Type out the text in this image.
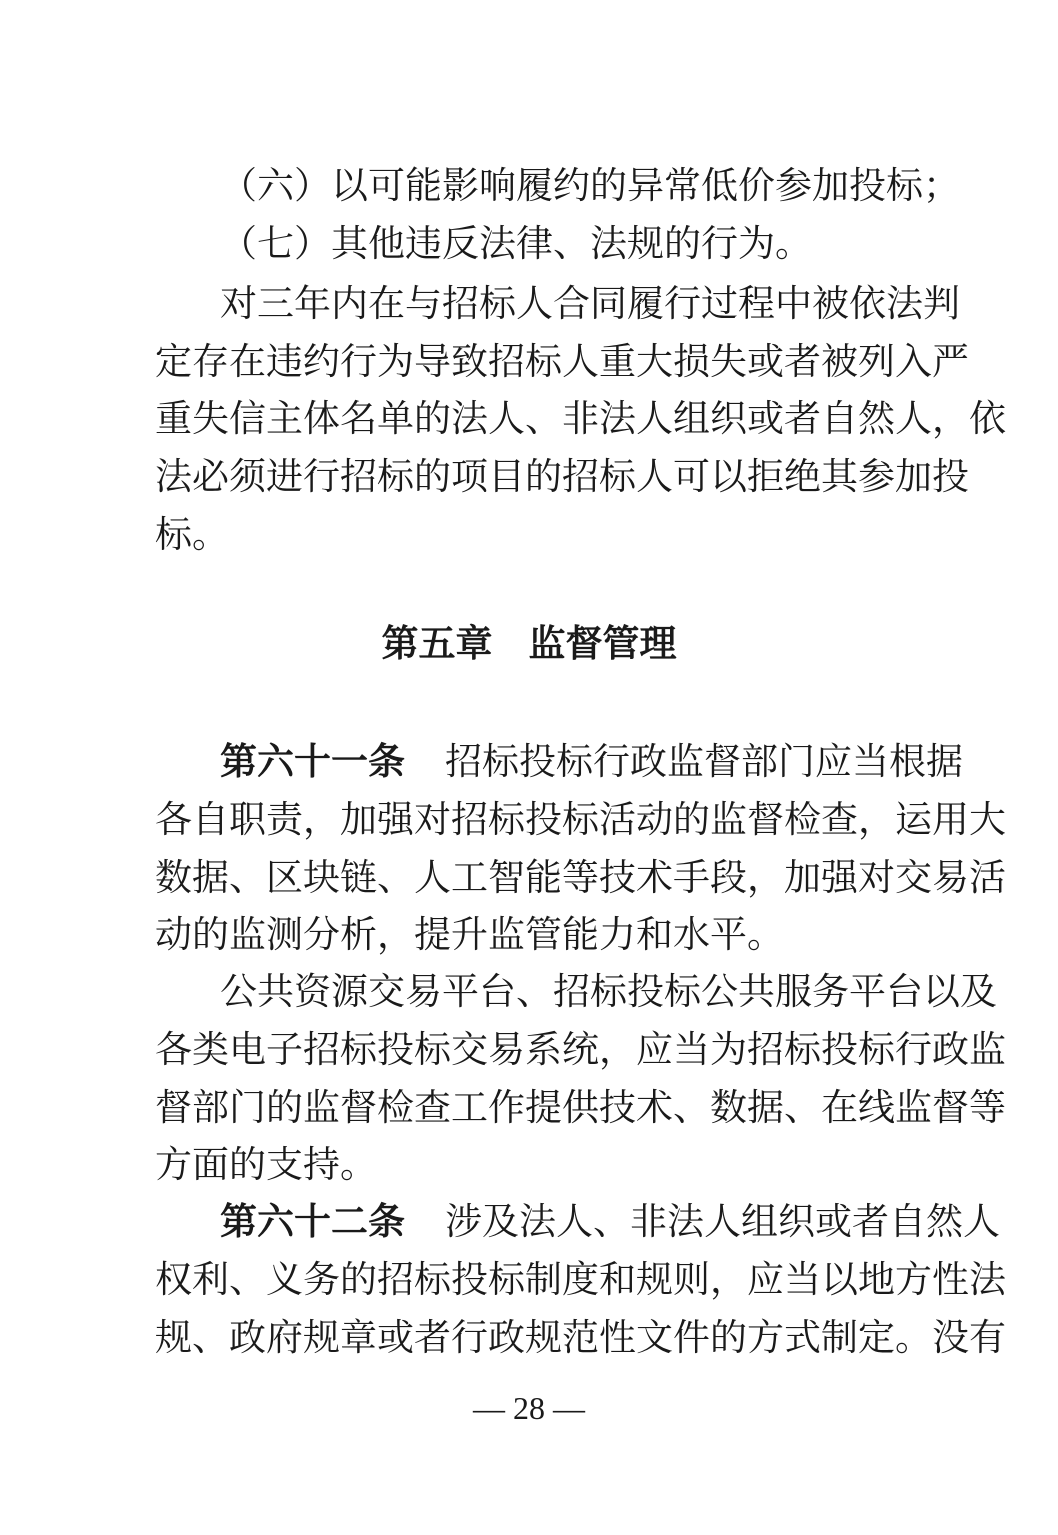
（六）以可能影响履约的异常低价参加投标；
（七）其他违反法律、法规的行为。
对三年内在与招标人合同履行过程中被依法判
定存在违约行为导致招标人重大损失或者被列入严
重失信主体名单的法人、非法人组织或者自然人，依
法必须进行招标的项目的招标人可以拒绝其参加投
标。
第五章 监督管理
第六十一条 招标投标行政监督部门应当根据
各自职责，加强对招标投标活动的监督检查，运用大
数据、区块链、人工智能等技术手段，加强对交易活
动的监测分析，提升监管能力和水平。
公共资源交易平台、招标投标公共服务平台以及
各类电子招标投标交易系统，应当为招标投标行政监
督部门的监督检查工作提供技术、数据、在线监督等
方面的支持。
第六十二条 涉及法人、非法人组织或者自然人
权利、义务的招标投标制度和规则，应当以地方性法
规、政府规章或者行政规范性文件的方式制定。没有
— 28 —
